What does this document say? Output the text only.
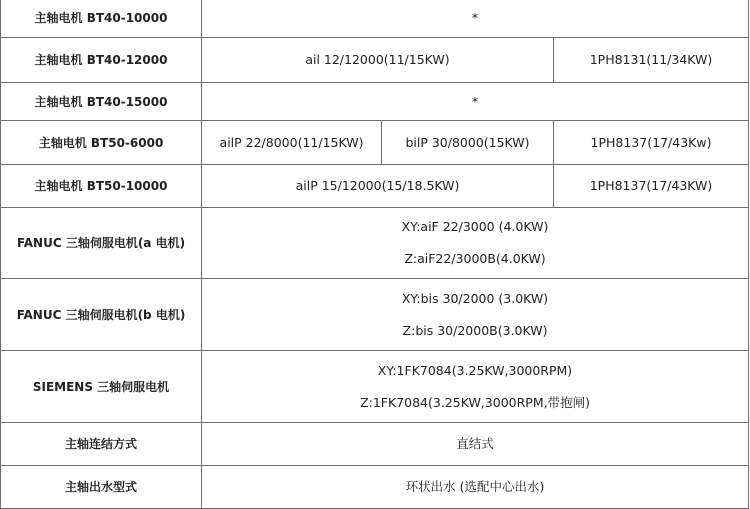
主轴电机 BT40-10000	*		
主轴电机 BT40-12000	ail 12/12000(11/15KW)		1PH8131(11/34KW)
主轴电机 BT40-15000	*		
主轴电机 BT50-6000	ailP 22/8000(11/15KW)	bilP 30/8000(15KW)	1PH8137(17/43Kw)
主轴电机 BT50-10000	ailP 15/12000(15/18.5KW)		1PH8137(17/43KW)
FANUC 三轴伺服电机(a 电机)	XY:aiF 22/3000 (4.0KW)
Z:aiF22/3000B(4.0KW)		

FANUC 三轴伺服电机(b 电机)	XY:bis 30/2000 (3.0KW)
Z:bis 30/2000B(3.0KW)		

SIEMENS 三轴伺服电机	XY:1FK7084(3.25KW,3000RPM)
Z:1FK7084(3.25KW,3000RPM,带抱闸)		

主轴连结方式	直结式		
主轴出水型式	环状出水 (选配中心出水)		
